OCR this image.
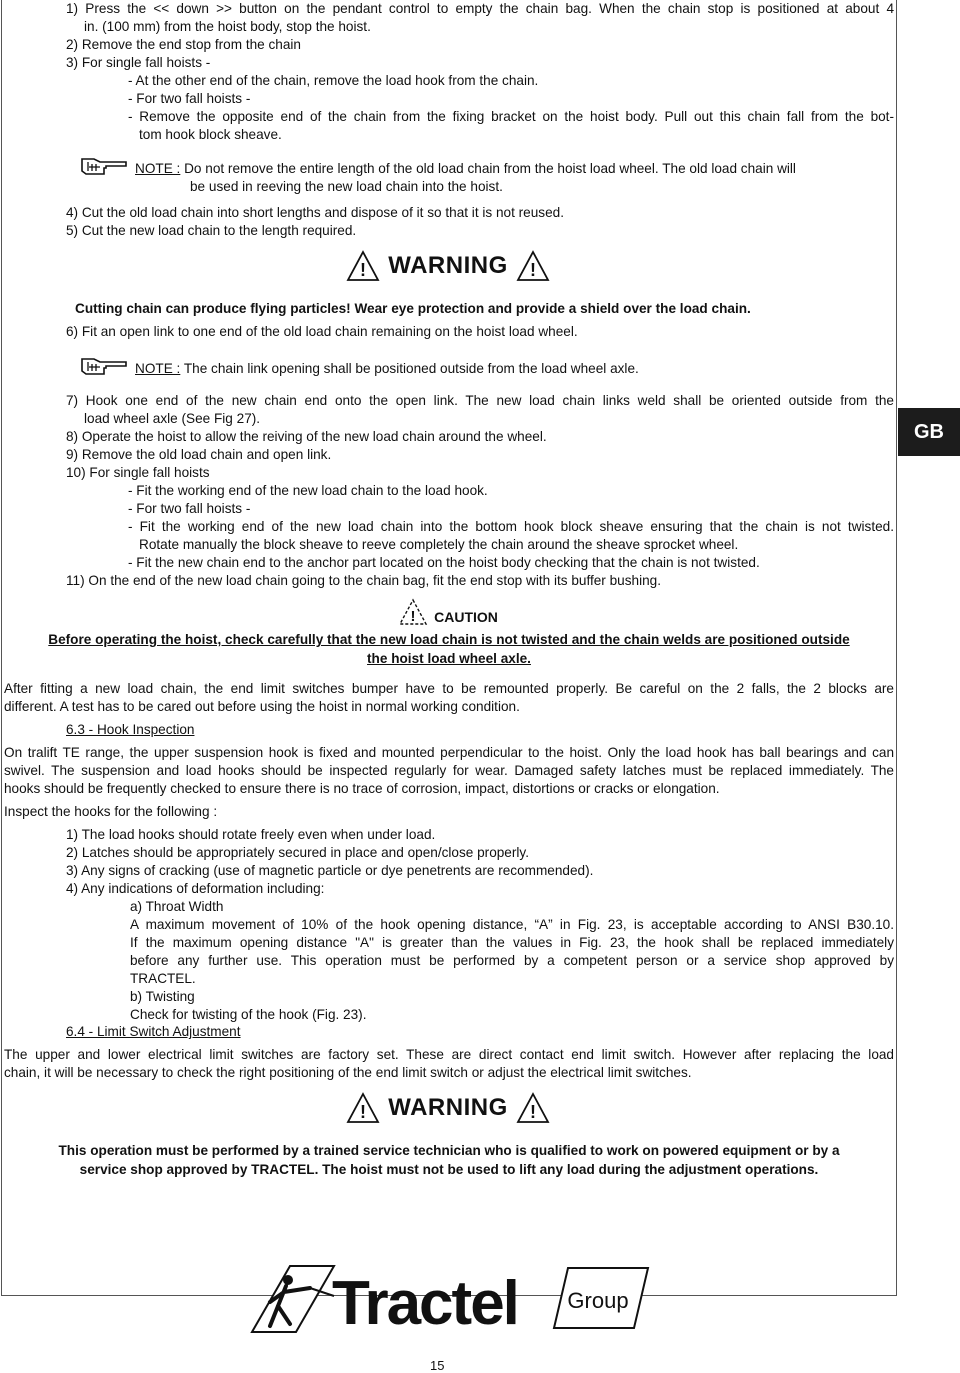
GB
1) Press the << down >> button on the pendant control to empty the chain bag. When the chain stop is positioned at about 4
in. (100 mm) from the hoist body, stop the hoist.
2) Remove the end stop from the chain
3) For single fall hoists -
- At the other end of the chain, remove the load hook from the chain.
- For two fall hoists -
- Remove the opposite end of the chain from the fixing bracket on the hoist body. Pull out this chain fall from the bot-
tom hook block sheave.
NOTE : Do not remove the entire length of the old load chain from the hoist load wheel. The old load chain will
be used in reeving the new load chain into the hoist.
4) Cut the old load chain into short lengths and dispose of it so that it is not reused.
5) Cut the new load chain to the length required.
! WARNING !
Cutting chain can produce flying particles! Wear eye protection and provide a shield over the load chain.
6) Fit an open link to one end of the old load chain remaining on the hoist load wheel.
NOTE : The chain link opening shall be positioned outside from the load wheel axle.
7) Hook one end of the new chain end onto the open link. The new load chain links weld shall be oriented outside from the
load wheel axle (See Fig 27).
8) Operate the hoist to allow the reiving of the new load chain around the wheel.
9) Remove the old load chain and open link.
10) For single fall hoists
- Fit the working end of the new load chain to the load hook.
- For two fall hoists -
- Fit the working end of the new load chain into the bottom hook block sheave ensuring that the chain is not twisted.
Rotate manually the block sheave to reeve completely the chain around the sheave sprocket wheel.
- Fit the new chain end to the anchor part located on the hoist body checking that the chain is not twisted.
11) On the end of the new load chain going to the chain bag, fit the end stop with its buffer bushing.
! CAUTION
Before operating the hoist, check carefully that the new load chain is not twisted and the chain welds are positioned outside
the hoist load wheel axle.
After fitting a new load chain, the end limit switches bumper have to be remounted properly. Be careful on the 2 falls, the 2 blocks are
different. A test has to be cared out before using the hoist in normal working condition.
6.3 - Hook Inspection
On tralift TE range, the upper suspension hook is fixed and mounted perpendicular to the hoist. Only the load hook has ball bearings and can
swivel. The suspension and load hooks should be inspected regularly for wear. Damaged safety latches must be replaced immediately. The
hooks should be frequently checked to ensure there is no trace of corrosion, impact, distortions or cracks or elongation.
Inspect the hooks for the following :
1) The load hooks should rotate freely even when under load.
2) Latches should be appropriately secured in place and open/close properly.
3) Any signs of cracking (use of magnetic particle or dye penetrents are recommended).
4) Any indications of deformation including:
a) Throat Width
A maximum movement of 10% of the hook opening distance, “A” in Fig. 23, is acceptable according to ANSI B30.10.
If the maximum opening distance "A" is greater than the values in Fig. 23, the hook shall be replaced immediately
before any further use. This operation must be performed by a competent person or a service shop approved by
TRACTEL.
b) Twisting
Check for twisting of the hook (Fig. 23).
6.4 - Limit Switch Adjustment
The upper and lower electrical limit switches are factory set. These are direct contact end limit switch. However after replacing the load
chain, it will be necessary to check the right positioning of the end limit switch or adjust the electrical limit switches.
! WARNING !
This operation must be performed by a trained service technician who is qualified to work on powered equipment or by a
service shop approved by TRACTEL. The hoist must not be used to lift any load during the adjustment operations.
Tractel Group
15
